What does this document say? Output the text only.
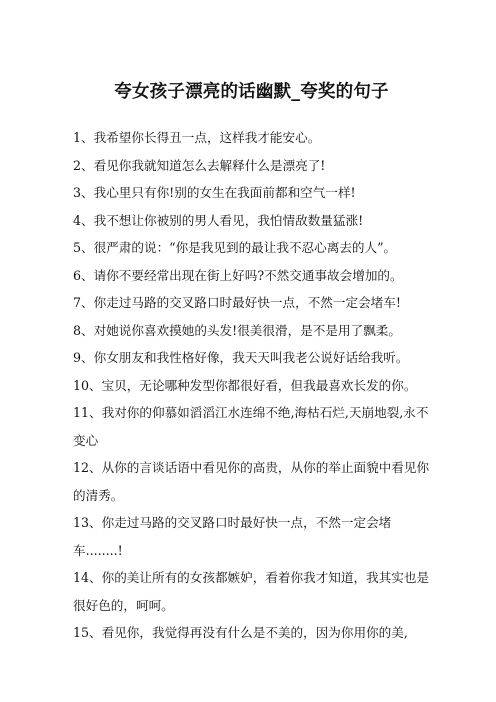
夸女孩子漂亮的话幽默_夸奖的句子
1、我希望你长得丑一点，这样我才能安心。
2、看见你我就知道怎么去解释什么是漂亮了!
3、我心里只有你!别的女生在我面前都和空气一样!
4、我不想让你被别的男人看见，我怕情敌数量猛涨!
5、很严肃的说：“你是我见到的最让我不忍心离去的人”。
6、请你不要经常出现在街上好吗?不然交通事故会增加的。
7、你走过马路的交叉路口时最好快一点，不然一定会堵车!
8、对她说你喜欢摸她的头发!很美很滑，是不是用了飘柔。
9、你女朋友和我性格好像，我天天叫我老公说好话给我听。
10、宝贝，无论哪种发型你都很好看，但我最喜欢长发的你。
11、我对你的仰慕如滔滔江水连绵不绝,海枯石烂,天崩地裂,永不变心
12、从你的言谈话语中看见你的高贵，从你的举止面貌中看见你的清秀。
13、你走过马路的交叉路口时最好快一点，不然一定会堵车........!
14、你的美让所有的女孩都嫉妒，看着你我才知道，我其实也是很好色的，呵呵。
15、看见你，我觉得再没有什么是不美的，因为你用你的美,
